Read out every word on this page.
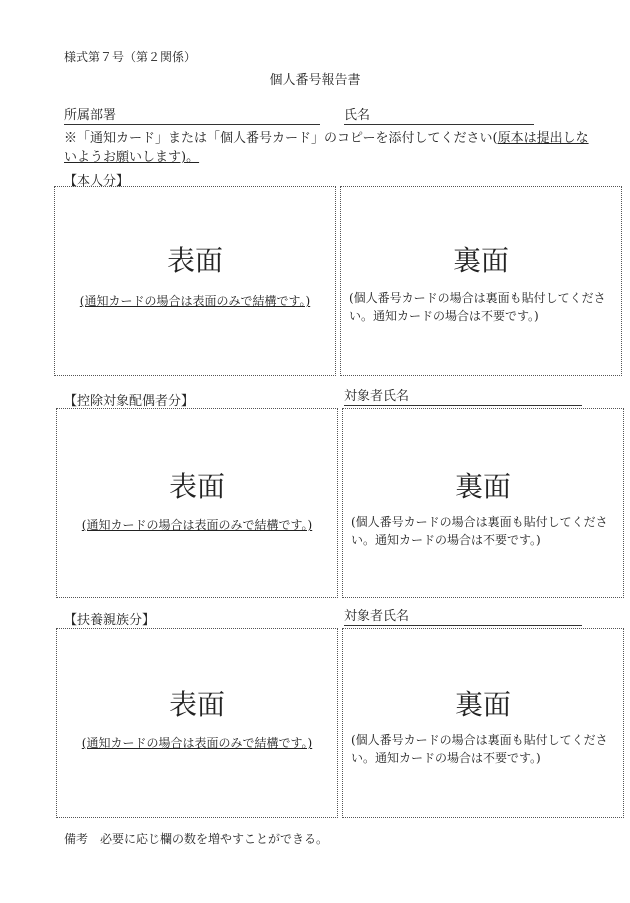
様式第７号（第２関係）
個人番号報告書
所属部署	氏名
※「通知カード」または「個人番号カード」のコピーを添付してください(原本は提出しないようお願いします)。
【本人分】
表面
(通知カードの場合は表面のみで結構です。)
裏面
(個人番号カードの場合は裏面も貼付してください。通知カードの場合は不要です。)
【控除対象配偶者分】	対象者氏名
表面
(通知カードの場合は表面のみで結構です。)
裏面
(個人番号カードの場合は裏面も貼付してください。通知カードの場合は不要です。)
【扶養親族分】	対象者氏名
表面
(通知カードの場合は表面のみで結構です。)
裏面
(個人番号カードの場合は裏面も貼付してください。通知カードの場合は不要です。)
備考　必要に応じ欄の数を増やすことができる。
